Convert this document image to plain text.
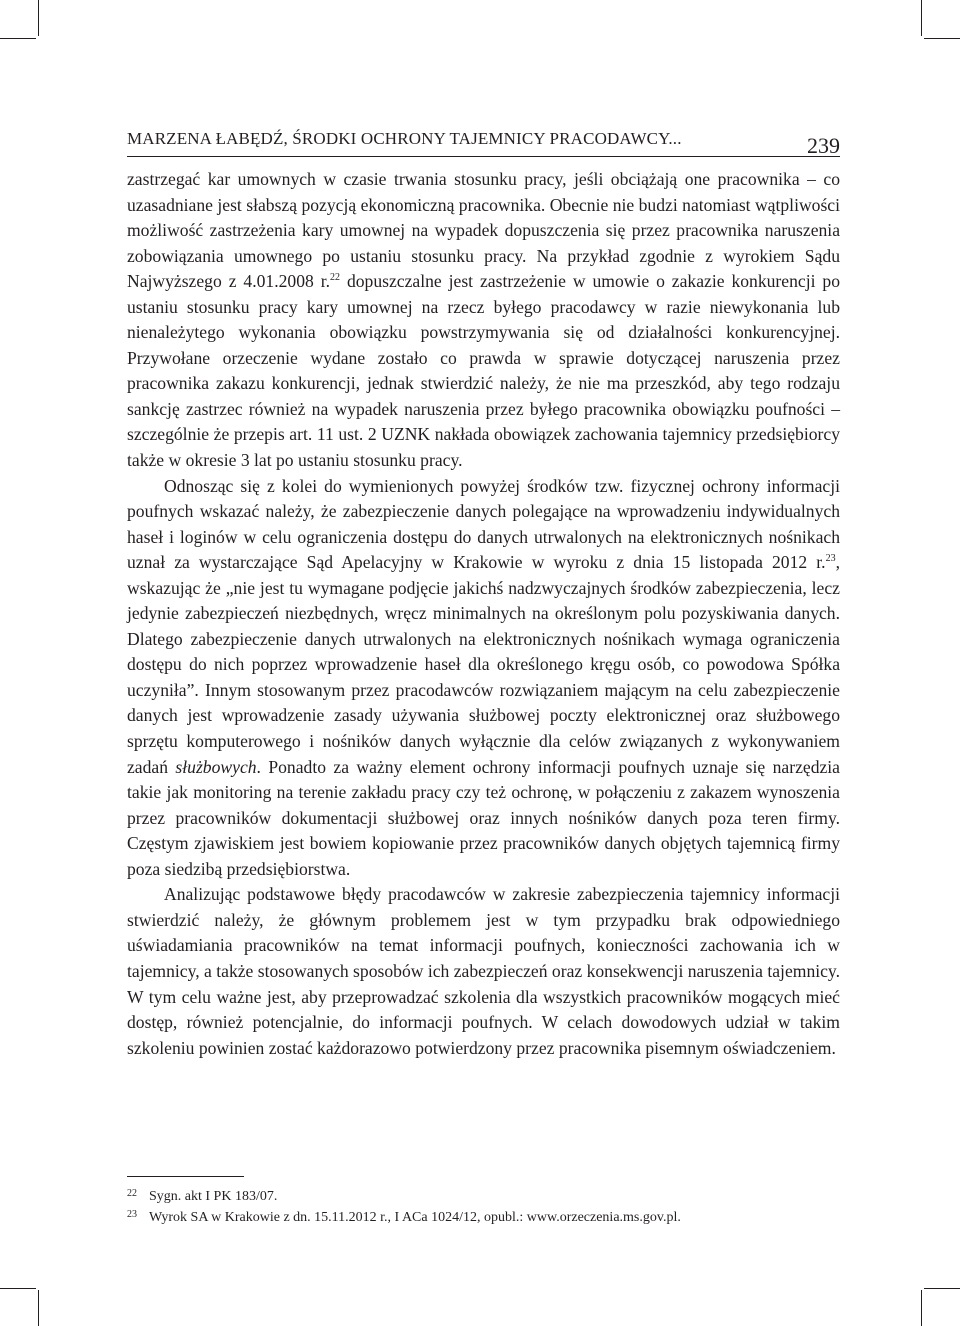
MARZENA ŁABĘDŹ, ŚRODKI OCHRONY TAJEMNICY PRACODAWCY...	239

zastrzegać kar umownych w czasie trwania stosunku pracy, jeśli obciążają one pracownika – co uzasadniane jest słabszą pozycją ekonomiczną pracownika. Obecnie nie budzi natomiast wątpliwości możliwość zastrzeżenia kary umownej na wypadek dopuszczenia się przez pracownika naruszenia zobowiązania umownego po ustaniu stosunku pracy. Na przykład zgodnie z wyrokiem Sądu Najwyższego z 4.01.2008 r.$^{22}$ dopuszczalne jest zastrzeżenie w umowie o zakazie konkurencji po ustaniu stosunku pracy kary umownej na rzecz byłego pracodawcy w razie niewykonania lub nienależytego wykonania obowiązku powstrzymywania się od działalności konkurencyjnej. Przywołane orzeczenie wydane zostało co prawda w sprawie dotyczącej naruszenia przez pracownika zakazu konkurencji, jednak stwierdzić należy, że nie ma przeszkód, aby tego rodzaju sankcję zastrzec również na wypadek naruszenia przez byłego pracownika obowiązku poufności – szczególnie że przepis art. 11 ust. 2 UZNK nakłada obowiązek zachowania tajemnicy przedsiębiorcy także w okresie 3 lat po ustaniu stosunku pracy.

Odnosząc się z kolei do wymienionych powyżej środków tzw. fizycznej ochrony informacji poufnych wskazać należy, że zabezpieczenie danych polegające na wprowadzeniu indywidualnych haseł i loginów w celu ograniczenia dostępu do danych utrwalonych na elektronicznych nośnikach uznał za wystarczające Sąd Apelacyjny w Krakowie w wyroku z dnia 15 listopada 2012 r.$^{23}$, wskazując że „nie jest tu wymagane podjęcie jakichś nadzwyczajnych środków zabezpieczenia, lecz jedynie zabezpieczeń niezbędnych, wręcz minimalnych na określonym polu pozyskiwania danych. Dlatego zabezpieczenie danych utrwalonych na elektronicznych nośnikach wymaga ograniczenia dostępu do nich poprzez wprowadzenie haseł dla określonego kręgu osób, co powodowa Spółka uczyniła”. Innym stosowanym przez pracodawców rozwiązaniem mającym na celu zabezpieczenie danych jest wprowadzenie zasady używania służbowej poczty elektronicznej oraz służbowego sprzętu komputerowego i nośników danych wyłącznie dla celów związanych z wykonywaniem zadań służbowych. Ponadto za ważny element ochrony informacji poufnych uznaje się narzędzia takie jak monitoring na terenie zakładu pracy czy też ochronę, w połączeniu z zakazem wynoszenia przez pracowników dokumentacji służbowej oraz innych nośników danych poza teren firmy. Częstym zjawiskiem jest bowiem kopiowanie przez pracowników danych objętych tajemnicą firmy poza siedzibą przedsiębiorstwa.

Analizując podstawowe błędy pracodawców w zakresie zabezpieczenia tajemnicy informacji stwierdzić należy, że głównym problemem jest w tym przypadku brak odpowiedniego uświadamiania pracowników na temat informacji poufnych, konieczności zachowania ich w tajemnicy, a także stosowanych sposobów ich zabezpieczeń oraz konsekwencji naruszenia tajemnicy. W tym celu ważne jest, aby przeprowadzać szkolenia dla wszystkich pracowników mogących mieć dostęp, również potencjalnie, do informacji poufnych. W celach dowodowych udział w takim szkoleniu powinien zostać każdorazowo potwierdzony przez pracownika pisemnym oświadczeniem.

22 Sygn. akt I PK 183/07.
23 Wyrok SA w Krakowie z dn. 15.11.2012 r., I ACa 1024/12, opubl.: www.orzeczenia.ms.gov.pl.
